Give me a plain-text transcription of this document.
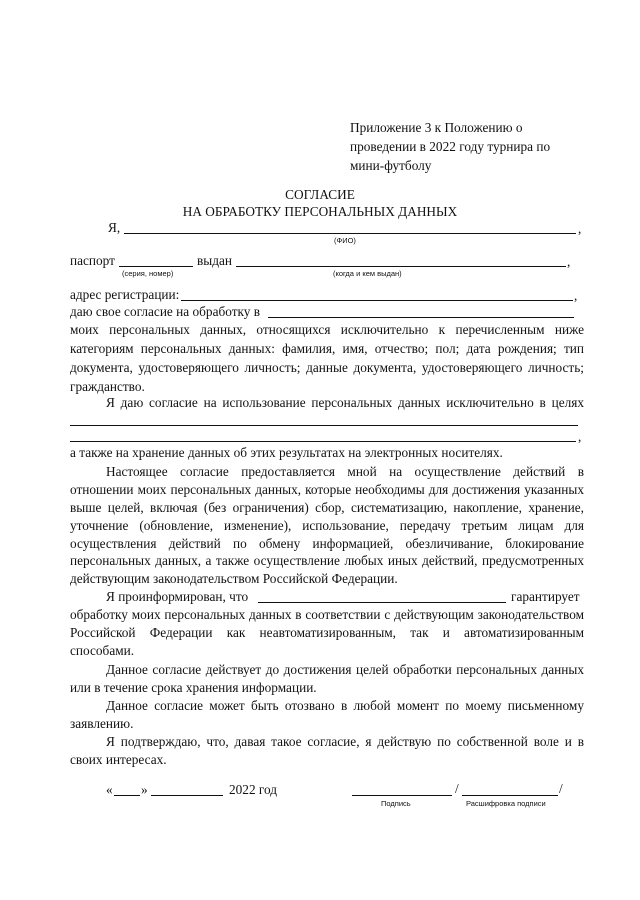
Приложение 3 к Положению о
проведении в 2022 году турнира по
мини-футболу
СОГЛАСИЕ
НА ОБРАБОТКУ ПЕРСОНАЛЬНЫХ ДАННЫХ
Я,	,
(ФИО)
паспорт
(серия, номер)
выдан	,
(когда и кем выдан)
адрес регистрации:	,
даю свое согласие на обработку в
моих персональных данных, относящихся исключительно к перечисленным ниже
категориям персональных данных: фамилия, имя, отчество; пол; дата рождения; тип
документа, удостоверяющего личность; данные документа, удостоверяющего личность;
гражданство.
Я даю согласие на использование персональных данных исключительно в целях
,
а также на хранение данных об этих результатах на электронных носителях.
Настоящее согласие предоставляется мной на осуществление действий в
отношении моих персональных данных, которые необходимы для достижения указанных
выше целей, включая (без ограничения) сбор, систематизацию, накопление, хранение,
уточнение (обновление, изменение), использование, передачу третьим лицам для
осуществления действий по обмену информацией, обезличивание, блокирование
персональных данных, а также осуществление любых иных действий, предусмотренных
действующим законодательством Российской Федерации.
Я проинформирован, что	гарантирует
обработку моих персональных данных в соответствии с действующим законодательством
Российской Федерации как неавтоматизированным, так и автоматизированным
способами.
Данное согласие действует до достижения целей обработки персональных данных
или в течение срока хранения информации.
Данное согласие может быть отозвано в любой момент по моему письменному
заявлению.
Я подтверждаю, что, давая такое согласие, я действую по собственной воле и в
своих интересах.
« »	2022 год	/	/
Подпись	Расшифровка подписи
